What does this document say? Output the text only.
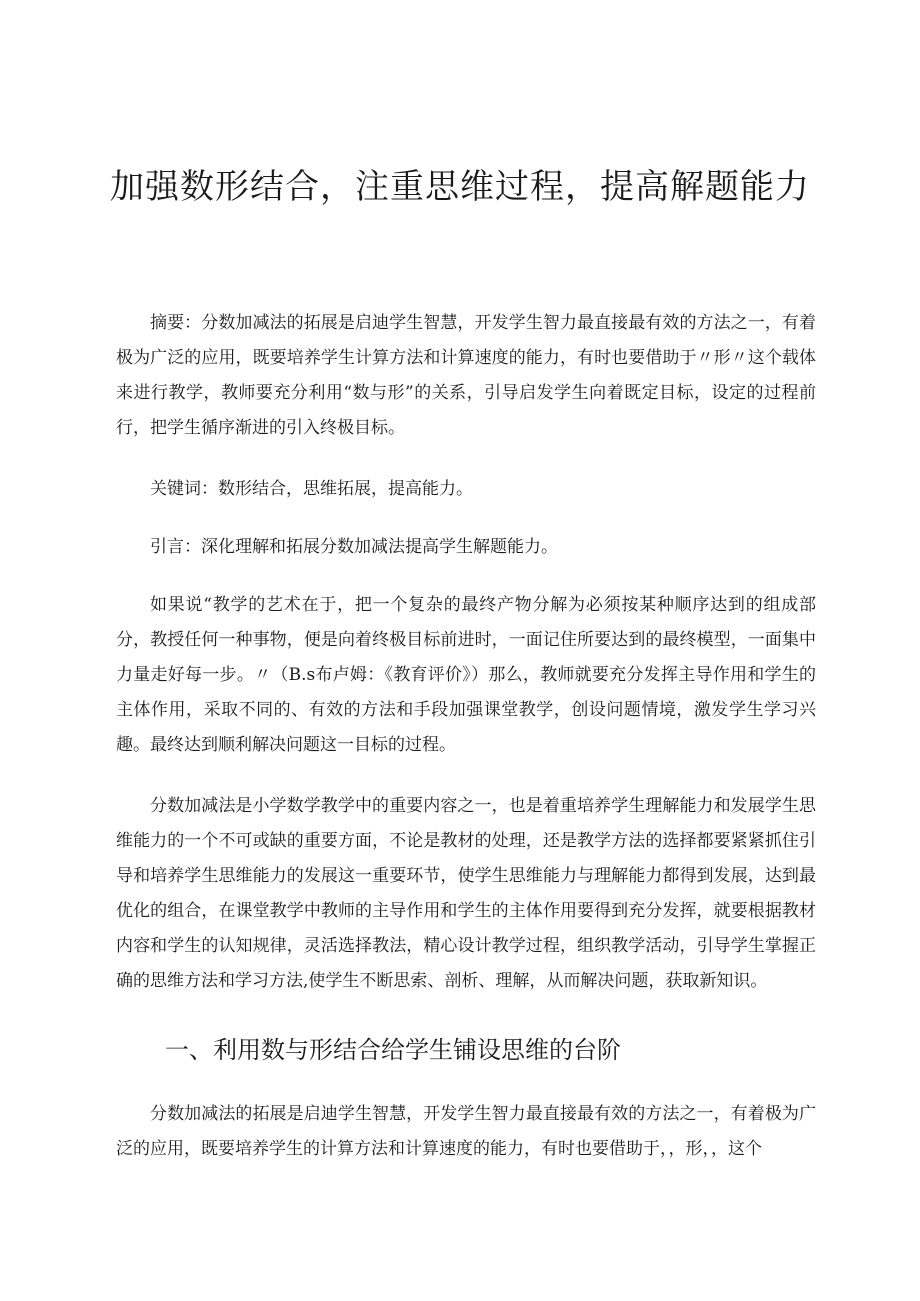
加强数形结合，注重思维过程，提高解题能力

摘要：分数加减法的拓展是启迪学生智慧，开发学生智力最直接最有效的方法之一，有着极为广泛的应用，既要培养学生计算方法和计算速度的能力，有时也要借助于〃形〃这个载体来进行教学，教师要充分利用“数与形”的关系，引导启发学生向着既定目标，设定的过程前行，把学生循序渐进的引入终极目标。

关键词：数形结合，思维拓展，提高能力。

引言：深化理解和拓展分数加减法提高学生解题能力。

如果说“教学的艺术在于，把一个复杂的最终产物分解为必须按某种顺序达到的组成部分，教授任何一种事物，便是向着终极目标前进时，一面记住所要达到的最终模型，一面集中力量走好每一步。〃（B.s布卢姆：《教育评价》）那么，教师就要充分发挥主导作用和学生的主体作用，采取不同的、有效的方法和手段加强课堂教学，创设问题情境，激发学生学习兴趣。最终达到顺利解决问题这一目标的过程。

分数加减法是小学数学教学中的重要内容之一，也是着重培养学生理解能力和发展学生思维能力的一个不可或缺的重要方面，不论是教材的处理，还是教学方法的选择都要紧紧抓住引导和培养学生思维能力的发展这一重要环节，使学生思维能力与理解能力都得到发展，达到最优化的组合，在课堂教学中教师的主导作用和学生的主体作用要得到充分发挥，就要根据教材内容和学生的认知规律，灵活选择教法，精心设计教学过程，组织教学活动，引导学生掌握正确的思维方法和学习方法,使学生不断思索、剖析、理解，从而解决问题，获取新知识。

一、利用数与形结合给学生铺设思维的台阶

分数加减法的拓展是启迪学生智慧，开发学生智力最直接最有效的方法之一，有着极为广泛的应用，既要培养学生的计算方法和计算速度的能力，有时也要借助于，，形，，这个
